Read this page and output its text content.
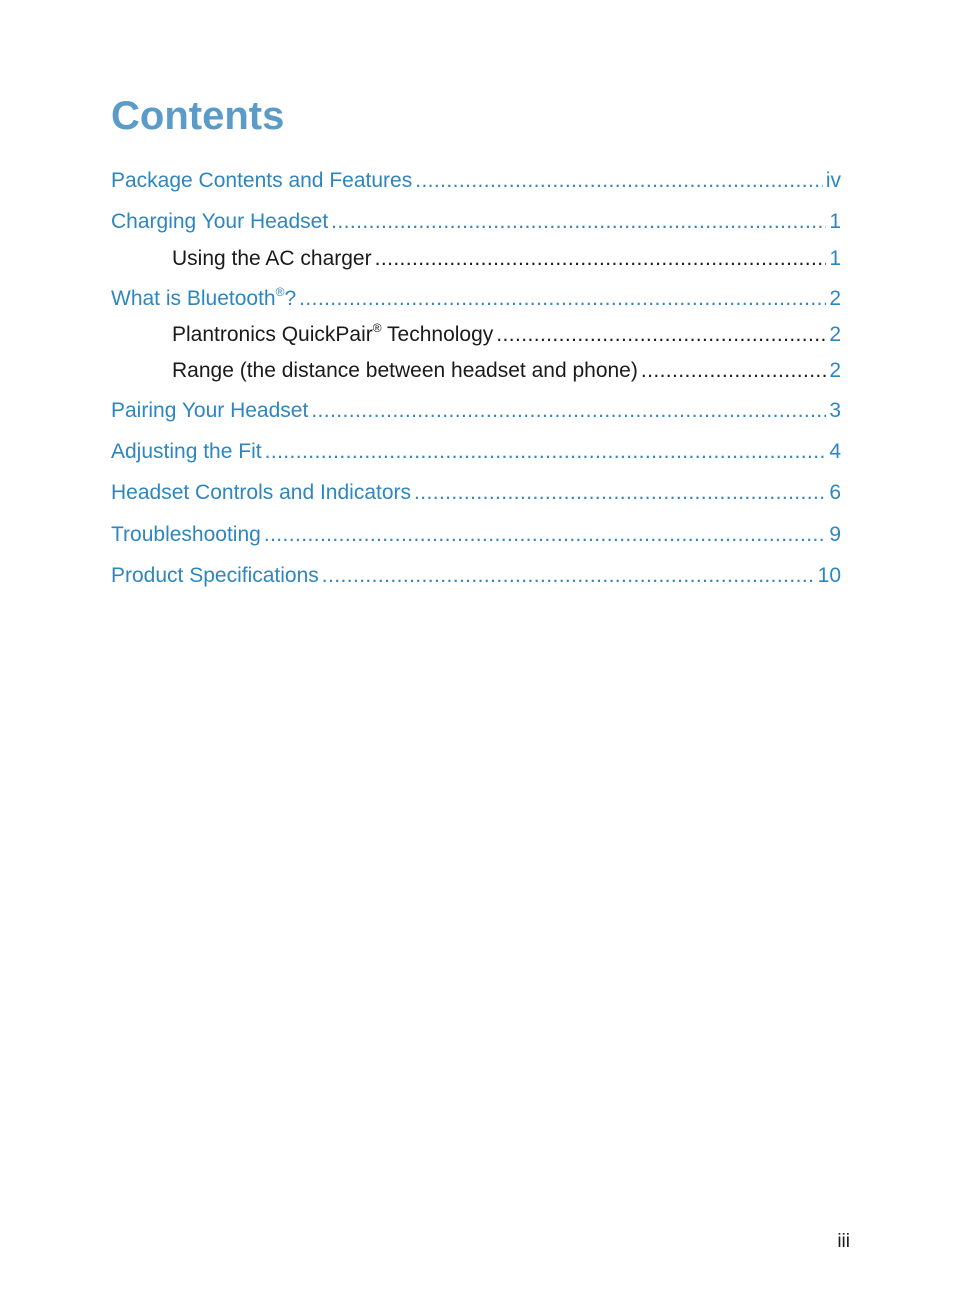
Contents
Package Contents and Features .....	iv
Charging Your Headset .....	1
Using the AC charger .....	1
What is Bluetooth®? .....	2
Plantronics QuickPair® Technology .....	2
Range (the distance between headset and phone) .....	2
Pairing Your Headset .....	3
Adjusting the Fit .....	4
Headset Controls and Indicators .....	6
Troubleshooting .....	9
Product Specifications .....	10
iii
